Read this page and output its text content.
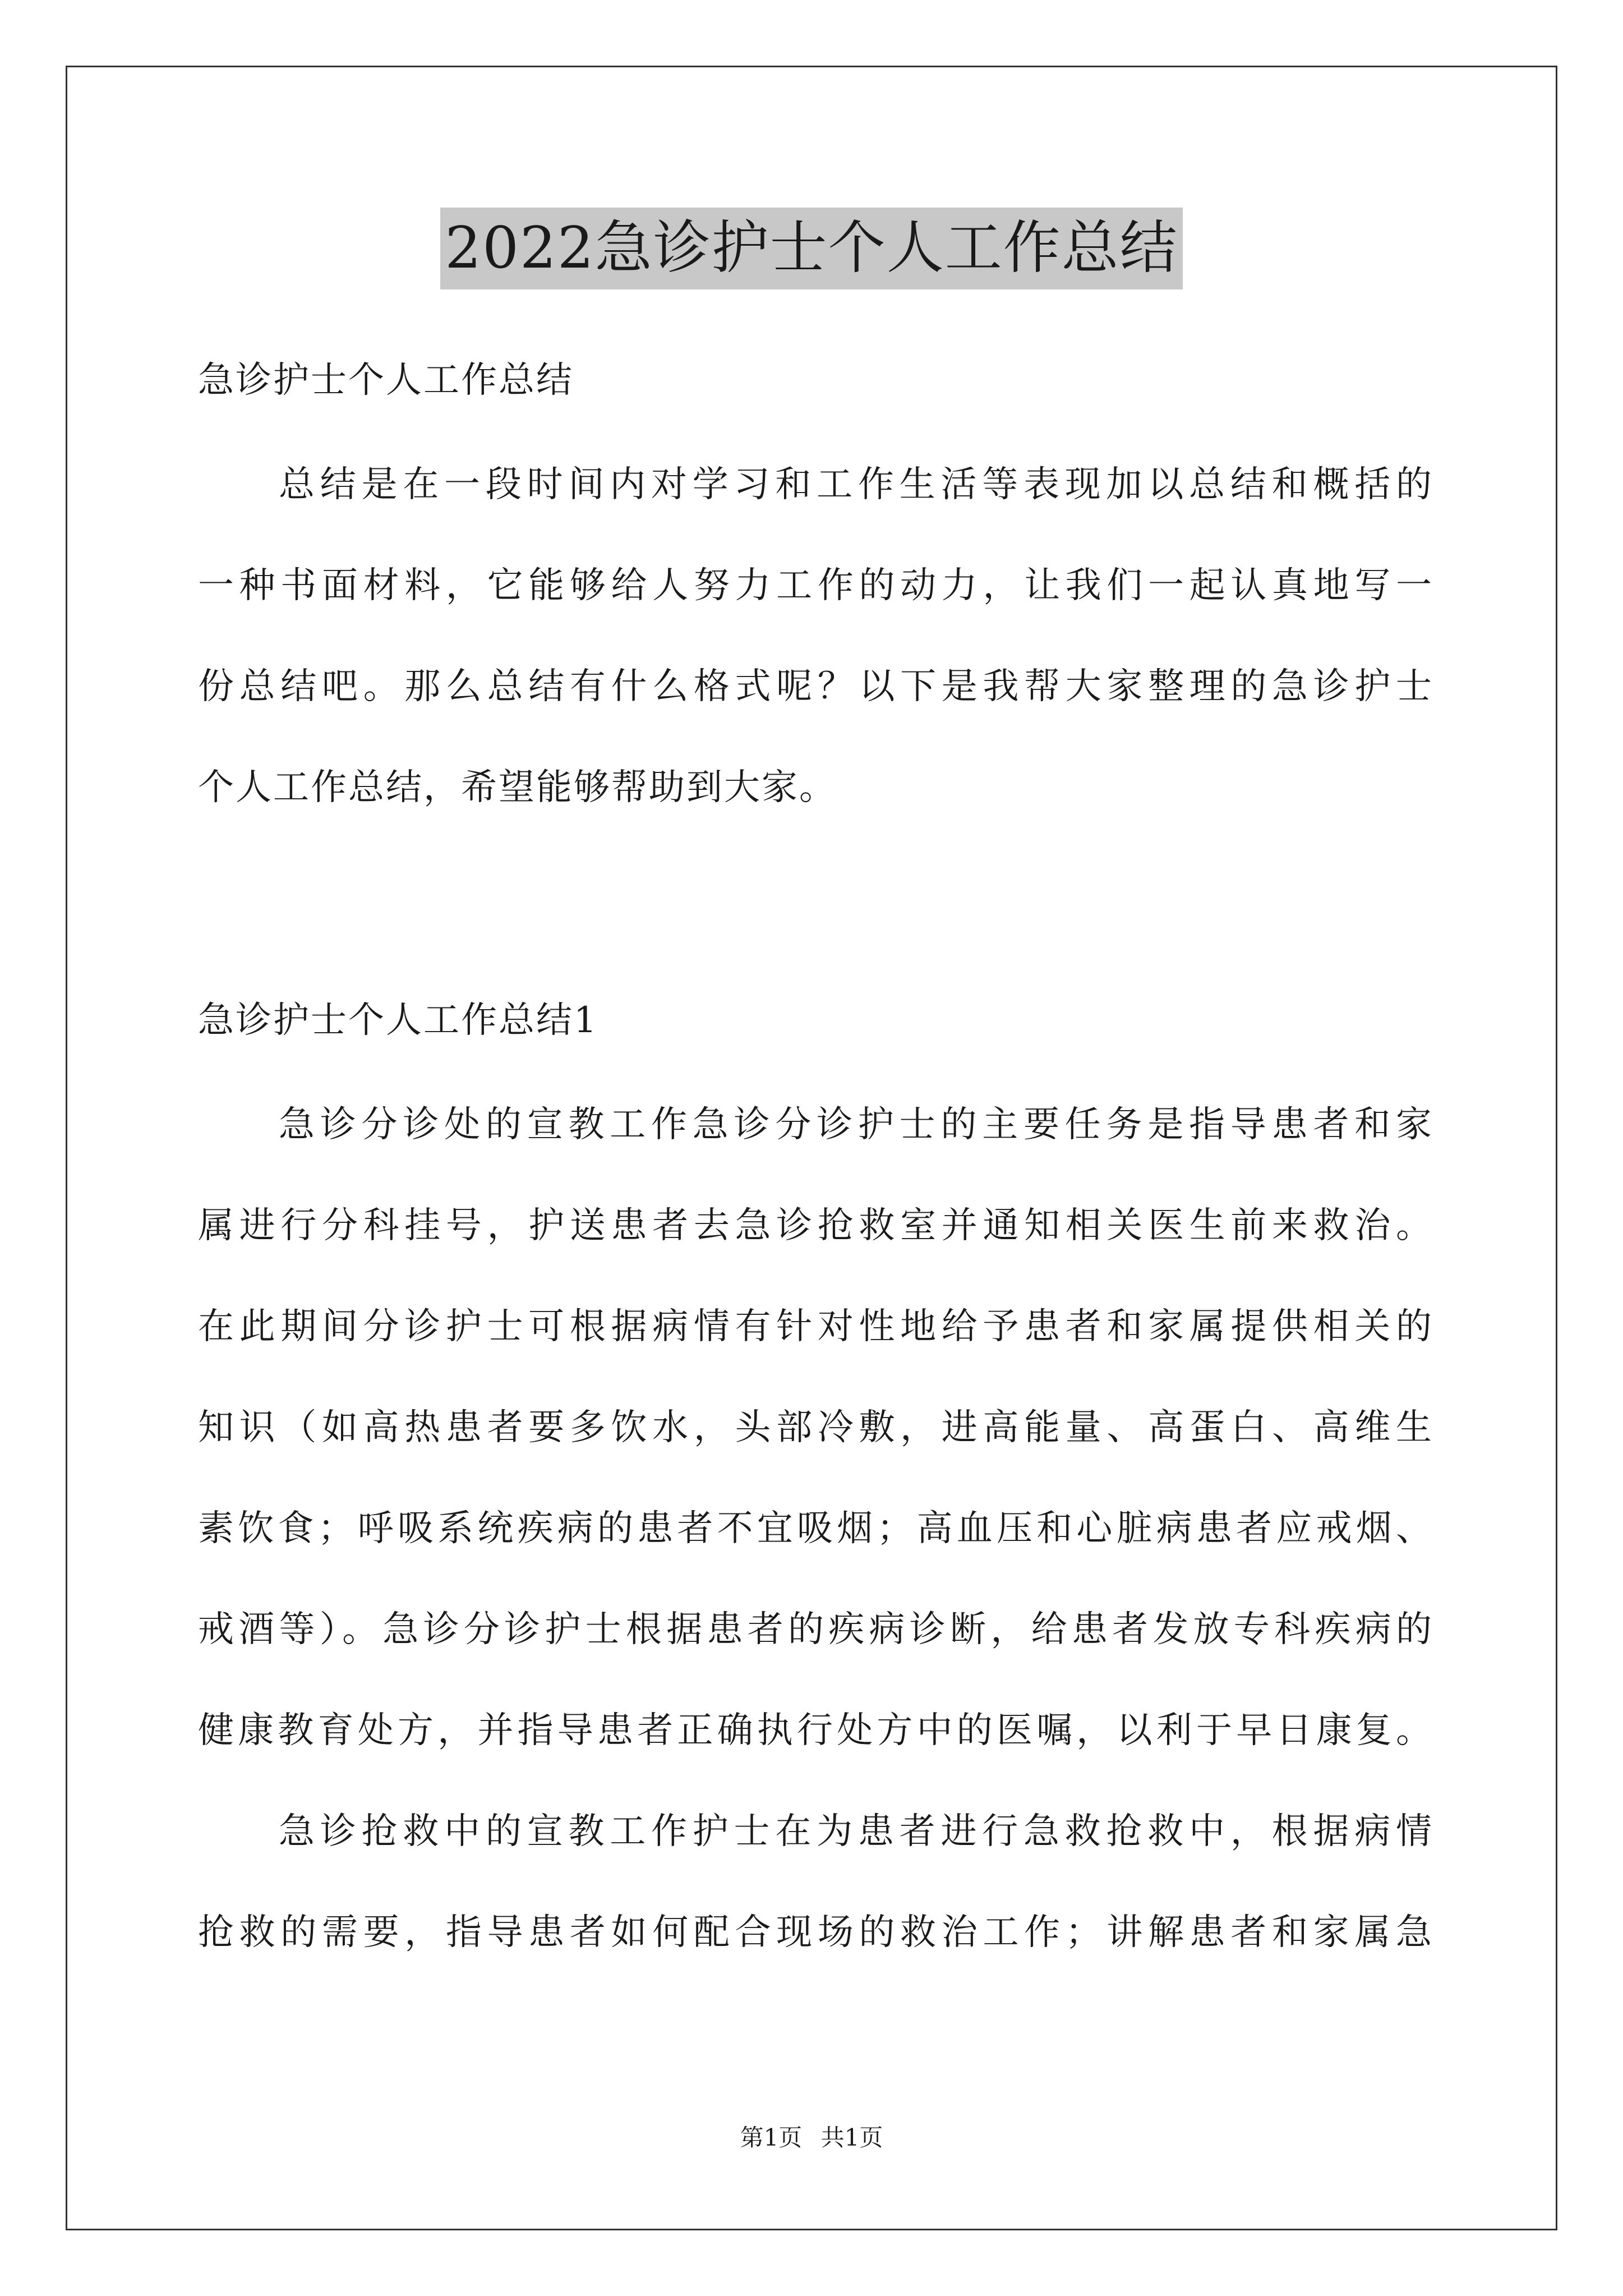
2022急诊护士个人工作总结
急诊护士个人工作总结
总结是在一段时间内对学习和工作生活等表现加以总结和概括的
一种书面材料，它能够给人努力工作的动力，让我们一起认真地写一
份总结吧。那么总结有什么格式呢？以下是我帮大家整理的急诊护士
个人工作总结，希望能够帮助到大家。
急诊护士个人工作总结1
急诊分诊处的宣教工作急诊分诊护士的主要任务是指导患者和家
属进行分科挂号，护送患者去急诊抢救室并通知相关医生前来救治。
在此期间分诊护士可根据病情有针对性地给予患者和家属提供相关的
知识（如高热患者要多饮水，头部冷敷，进高能量、高蛋白、高维生
素饮食；呼吸系统疾病的患者不宜吸烟；高血压和心脏病患者应戒烟、
戒酒等）。急诊分诊护士根据患者的疾病诊断，给患者发放专科疾病的
健康教育处方，并指导患者正确执行处方中的医嘱，以利于早日康复。
急诊抢救中的宣教工作护士在为患者进行急救抢救中，根据病情
抢救的需要，指导患者如何配合现场的救治工作；讲解患者和家属急
第1页 共1页
